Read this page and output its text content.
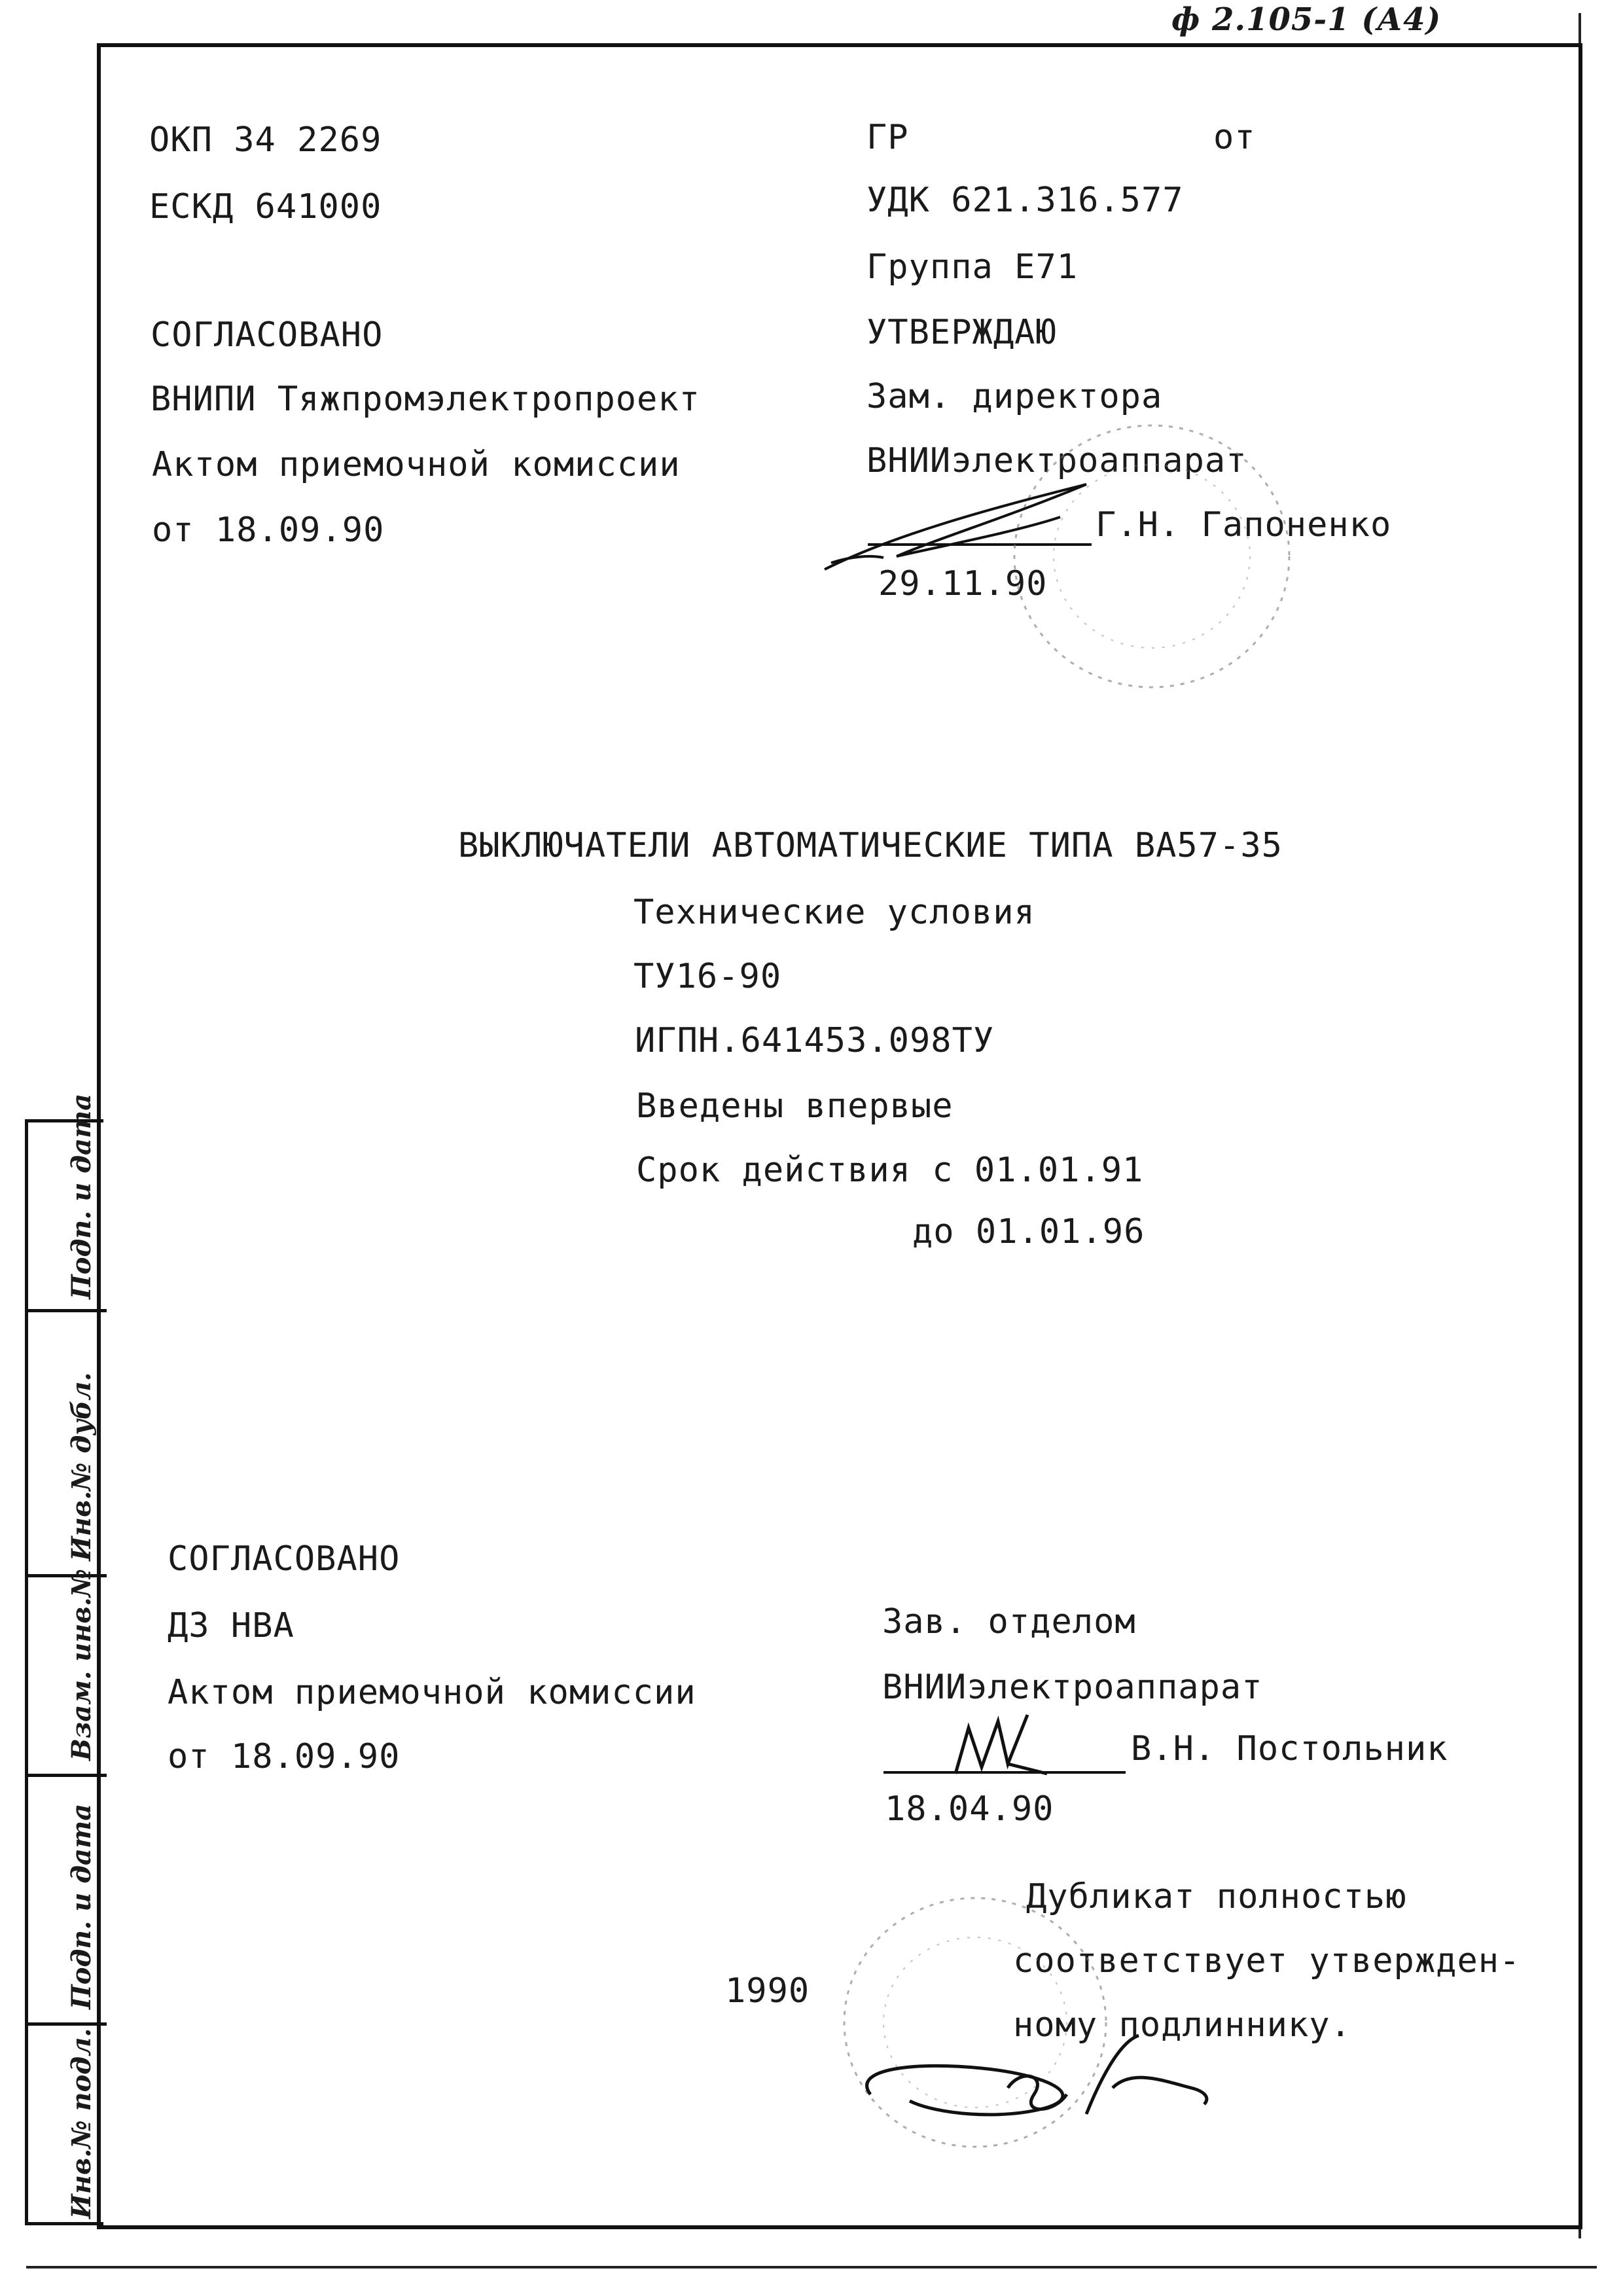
ф 2.105-1 (А4)
ОКП 34 2269
ЕСКД 641000
СОГЛАСОВАНО
ВНИПИ Тяжпромэлектропроект
Актом приемочной комиссии
от 18.09.90
ГР	от
УДК 621.316.577
Группа Е71
УТВЕРЖДАЮ
Зам. директора
ВНИИэлектроаппарат
Г.Н. Гапоненко
29.11.90
ВЫКЛЮЧАТЕЛИ АВТОМАТИЧЕСКИЕ ТИПА ВА57-35
Технические условия
ТУ16-90
ИГПН.641453.098ТУ
Введены впервые
Срок действия с 01.01.91
до 01.01.96
СОГЛАСОВАНО
ДЗ НВА
Актом приемочной комиссии
от 18.09.90
Зав. отделом
ВНИИэлектроаппарат
В.Н. Постольник
18.04.90
1990
Дубликат полностью
соответствует утвержден-
ному подлиннику.
Подп. и дата
Инв.№ дубл.
Взам. инв.№
Подп. и дата
Инв.№ подл.
